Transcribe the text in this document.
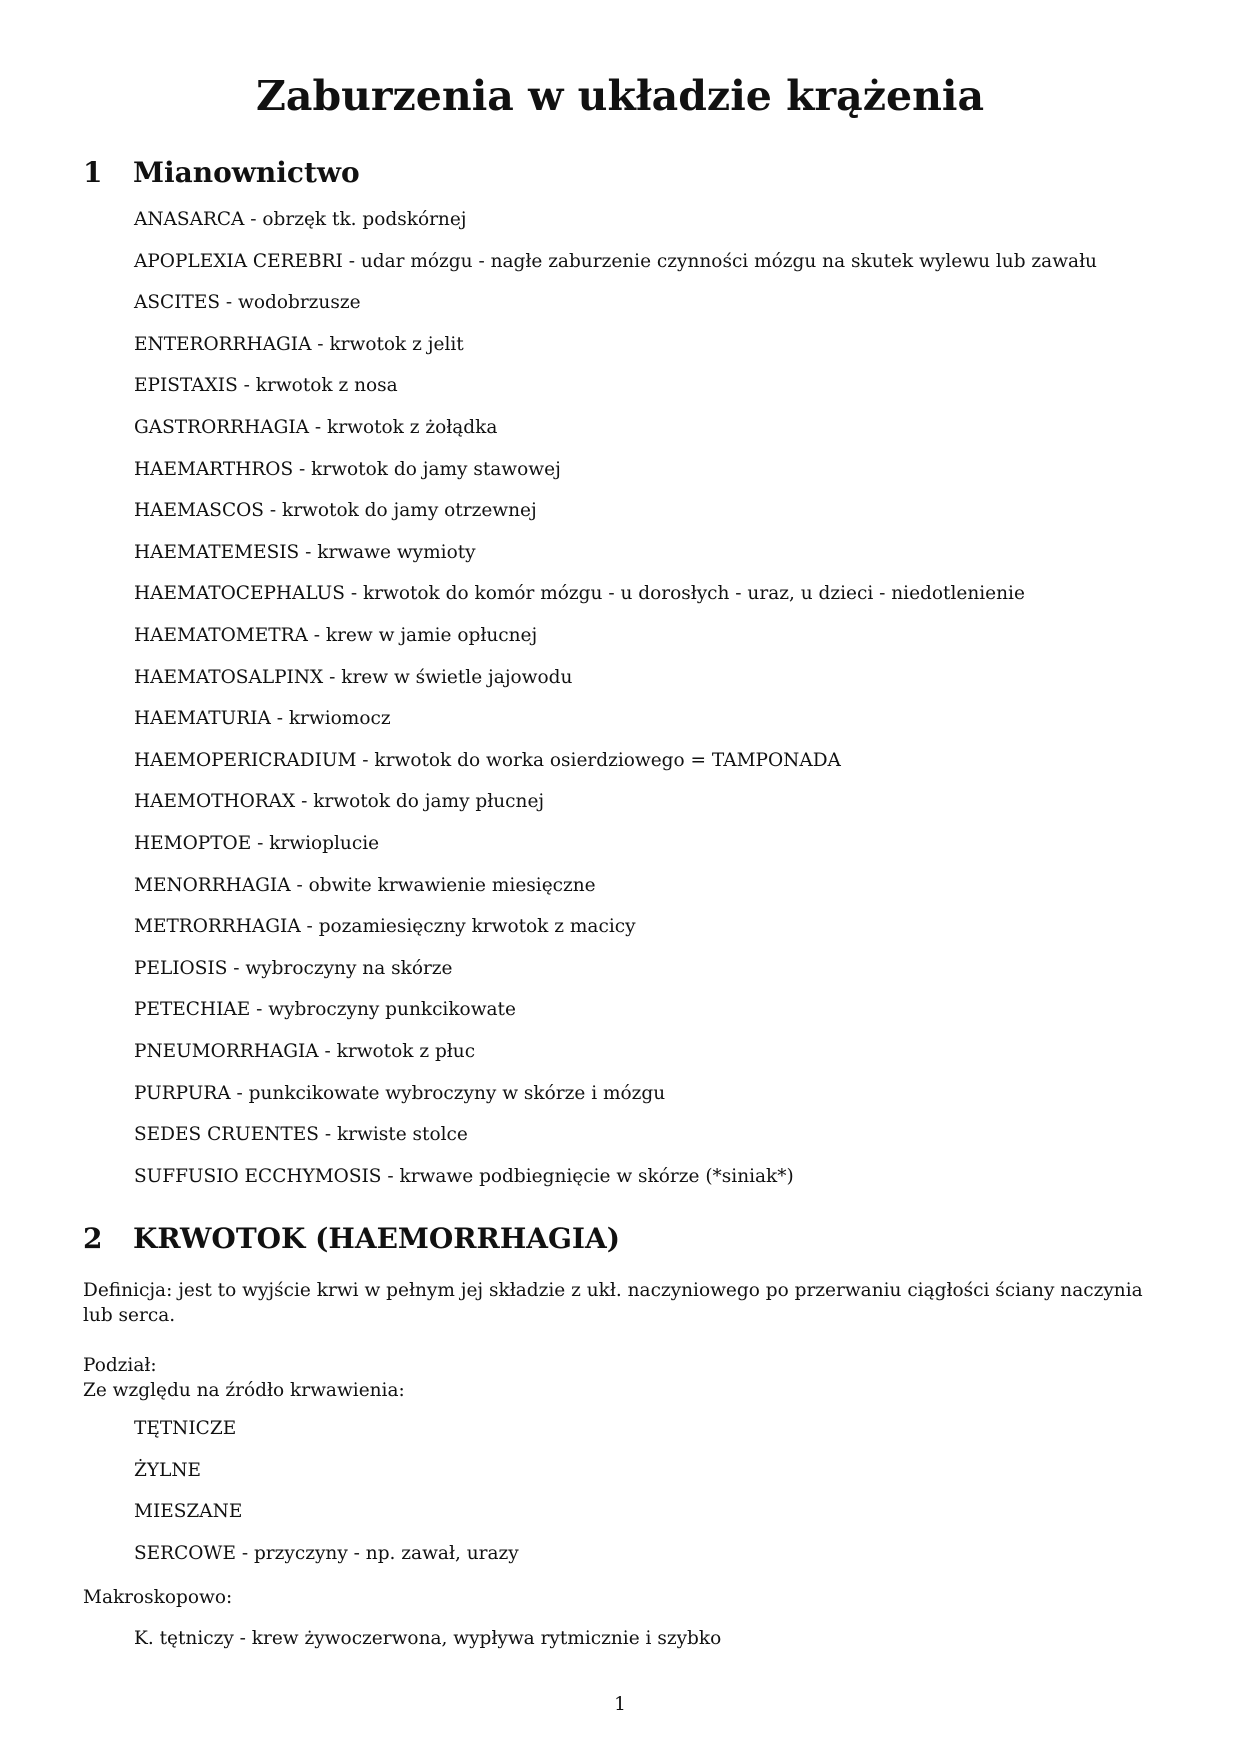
Zaburzenia w układzie krążenia
1 Mianownictwo
ANASARCA - obrzęk tk. podskórnej
APOPLEXIA CEREBRI - udar mózgu - nagłe zaburzenie czynności mózgu na skutek wylewu lub zawału
ASCITES - wodobrzusze
ENTERORRHAGIA - krwotok z jelit
EPISTAXIS - krwotok z nosa
GASTRORRHAGIA - krwotok z żołądka
HAEMARTHROS - krwotok do jamy stawowej
HAEMASCOS - krwotok do jamy otrzewnej
HAEMATEMESIS - krwawe wymioty
HAEMATOCEPHALUS - krwotok do komór mózgu - u dorosłych - uraz, u dzieci - niedotlenienie
HAEMATOMETRA - krew w jamie opłucnej
HAEMATOSALPINX - krew w świetle jajowodu
HAEMATURIA - krwiomocz
HAEMOPERICRADIUM - krwotok do worka osierdziowego = TAMPONADA
HAEMOTHORAX - krwotok do jamy płucnej
HEMOPTOE - krwioplucie
MENORRHAGIA - obwite krwawienie miesięczne
METRORRHAGIA - pozamiesięczny krwotok z macicy
PELIOSIS - wybroczyny na skórze
PETECHIAE - wybroczyny punkcikowate
PNEUMORRHAGIA - krwotok z płuc
PURPURA - punkcikowate wybroczyny w skórze i mózgu
SEDES CRUENTES - krwiste stolce
SUFFUSIO ECCHYMOSIS - krwawe podbiegnięcie w skórze (*siniak*)
2 KRWOTOK (HAEMORRHAGIA)

Definicja: jest to wyjście krwi w pełnym jej składzie z ukł. naczyniowego po przerwaniu ciągłości ściany naczynia lub serca.

Podział:

Ze względu na źródło krwawienia:

TĘTNICZE
ŻYLNE
MIESZANE
SERCOWE - przyczyny - np. zawał, urazy

Makroskopowo:

K. tętniczy - krew żywoczerwona, wypływa rytmicznie i szybko
1
